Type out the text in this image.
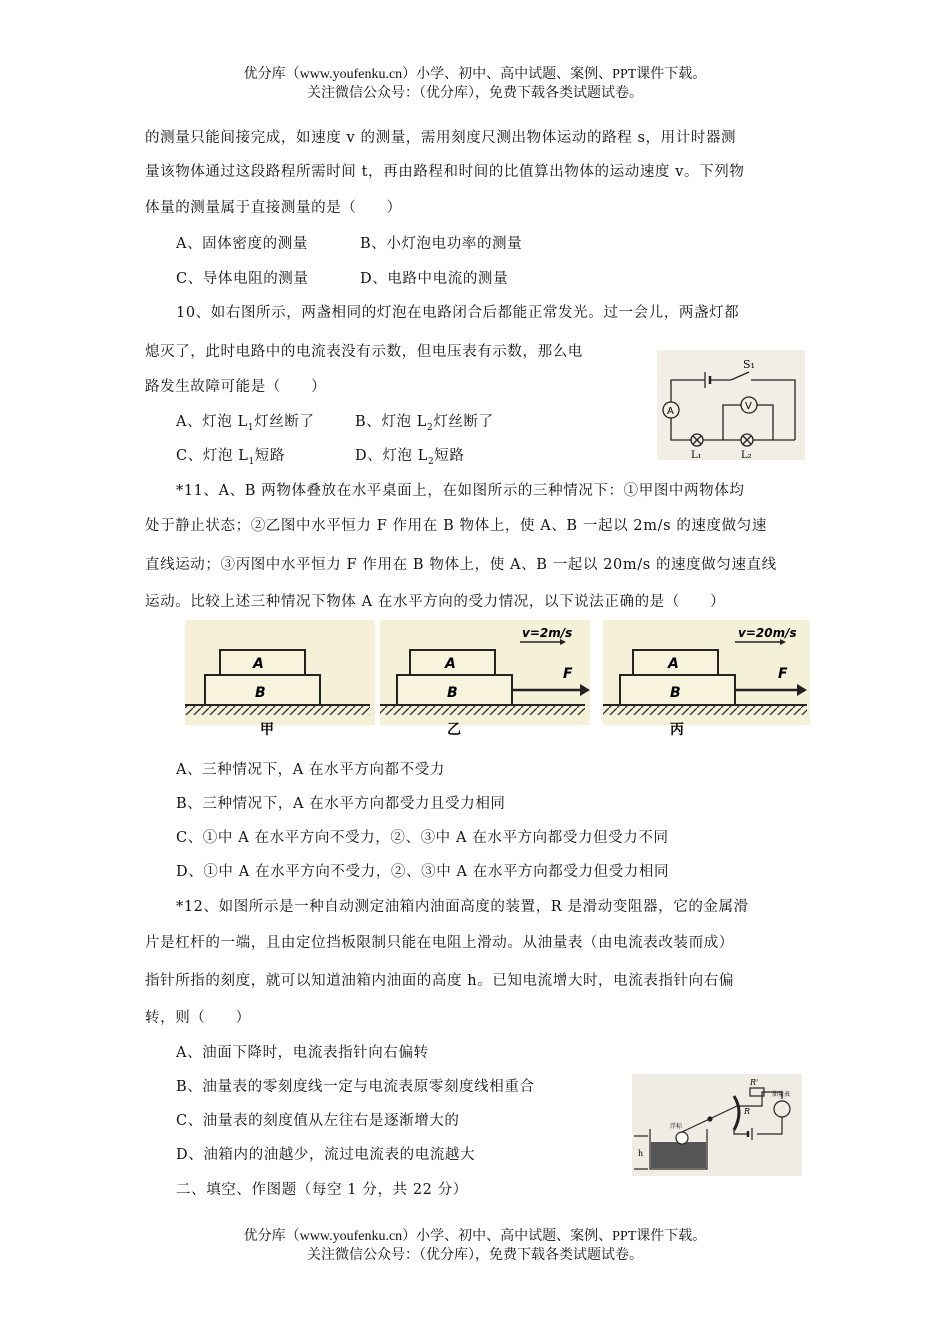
优分库（www.youfenku.cn）小学、初中、高中试题、案例、PPT课件下载。
关注微信公众号：（优分库），免费下载各类试题试卷。
的测量只能间接完成，如速度 v 的测量，需用刻度尺测出物体运动的路程 s，用计时器测
量该物体通过这段路程所需时间 t，再由路程和时间的比值算出物体的运动速度 v。下列物
体量的测量属于直接测量的是（　　）
A、固体密度的测量	B、小灯泡电功率的测量
C、导体电阻的测量	D、电路中电流的测量
10、如右图所示，两盏相同的灯泡在电路闭合后都能正常发光。过一会儿，两盏灯都
熄灭了，此时电路中的电流表没有示数，但电压表有示数，那么电
路发生故障可能是（　　）
A、灯泡 $L_1$灯丝断了	B、灯泡 $L_2$灯丝断了
C、灯泡 $L_1$短路	D、灯泡 $L_2$短路
S₁
A	V
L₁	L₂
*11、A、B 两物体叠放在水平桌面上，在如图所示的三种情况下：①甲图中两物体均
处于静止状态；②乙图中水平恒力 F 作用在 B 物体上，使 A、B 一起以 2m/s 的速度做匀速
直线运动；③丙图中水平恒力 F 作用在 B 物体上，使 A、B 一起以 20m/s 的速度做匀速直线
运动。比较上述三种情况下物体 A 在水平方向的受力情况，以下说法正确的是（　　）
A
B
甲
A
B
F
v=2m/s
乙
A
B
F
v=20m/s
丙
A、三种情况下，A 在水平方向都不受力
B、三种情况下，A 在水平方向都受力且受力相同
C、①中 A 在水平方向不受力，②、③中 A 在水平方向都受力但受力不同
D、①中 A 在水平方向不受力，②、③中 A 在水平方向都受力但受力相同
*12、如图所示是一种自动测定油箱内油面高度的装置，R 是滑动变阻器，它的金属滑
片是杠杆的一端，且由定位挡板限制只能在电阻上滑动。从油量表（由电流表改装而成）
指针所指的刻度，就可以知道油箱内油面的高度 h。已知电流增大时，电流表指针向右偏
转，则（　　）
A、油面下降时，电流表指针向右偏转
B、油量表的零刻度线一定与电流表原零刻度线相重合
C、油量表的刻度值从左往右是逐渐增大的
D、油箱内的油越少，流过电流表的电流越大	h
R
R'
油量表
浮标
二、填空、作图题（每空 1 分，共 22 分）
优分库（www.youfenku.cn）小学、初中、高中试题、案例、PPT课件下载。
关注微信公众号：（优分库），免费下载各类试题试卷。
